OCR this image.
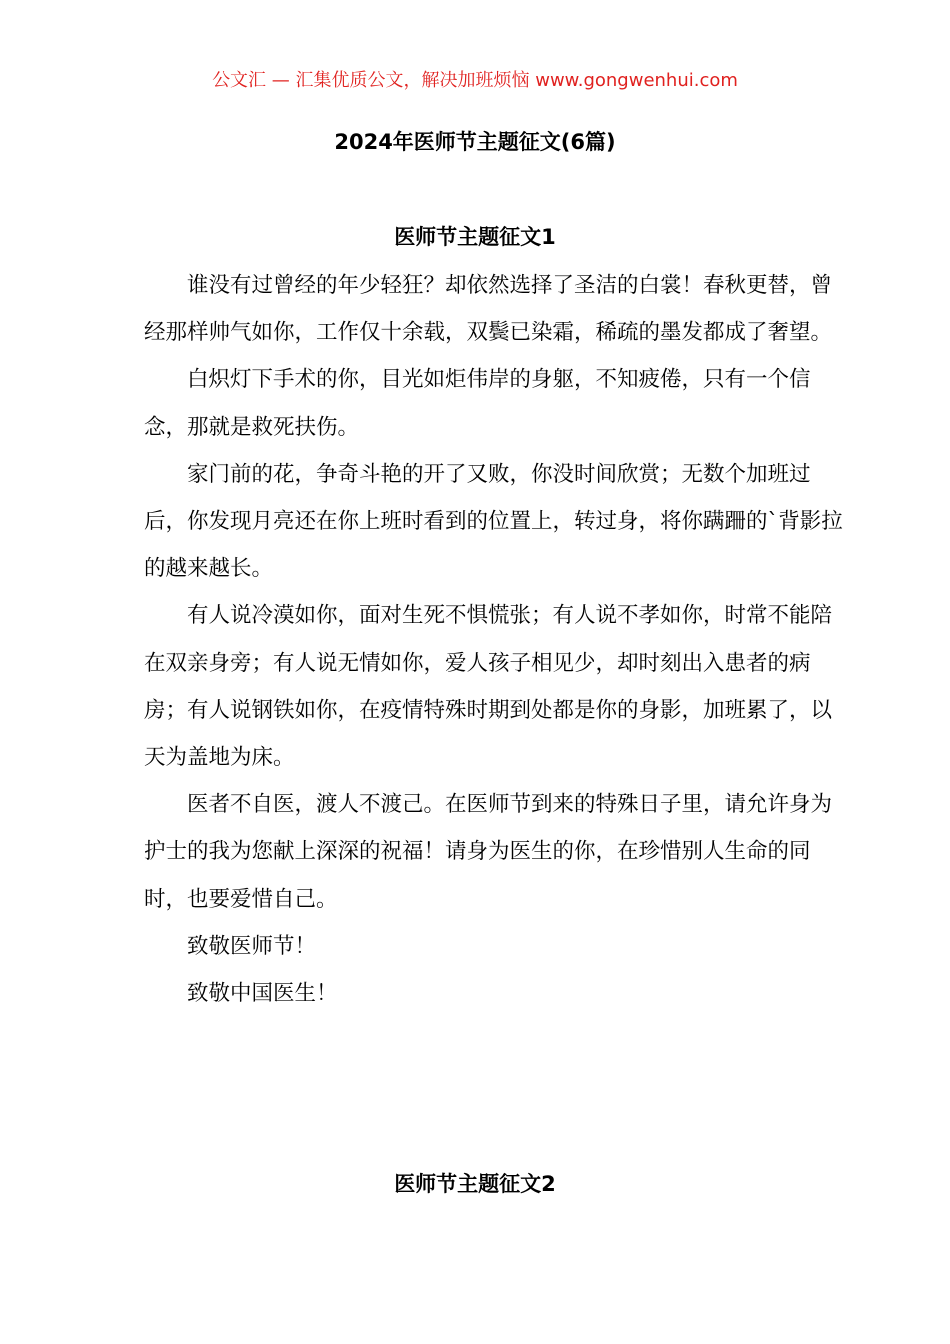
公文汇 — 汇集优质公文，解决加班烦恼 www.gongwenhui.com
2024年医师节主题征文(6篇)
医师节主题征文1

谁没有过曾经的年少轻狂？却依然选择了圣洁的白裳！春秋更替，曾经那样帅气如你，工作仅十余载，双鬓已染霜，稀疏的墨发都成了奢望。

白炽灯下手术的你，目光如炬伟岸的身躯，不知疲倦，只有一个信念，那就是救死扶伤。

家门前的花，争奇斗艳的开了又败，你没时间欣赏；无数个加班过后，你发现月亮还在你上班时看到的位置上，转过身，将你蹒跚的`背影拉的越来越长。

有人说冷漠如你，面对生死不惧慌张；有人说不孝如你，时常不能陪在双亲身旁；有人说无情如你，爱人孩子相见少，却时刻出入患者的病房；有人说钢铁如你，在疫情特殊时期到处都是你的身影，加班累了，以天为盖地为床。

医者不自医，渡人不渡己。在医师节到来的特殊日子里，请允许身为护士的我为您献上深深的祝福！请身为医生的你，在珍惜别人生命的同时，也要爱惜自己。

致敬医师节！

致敬中国医生！

医师节主题征文2
